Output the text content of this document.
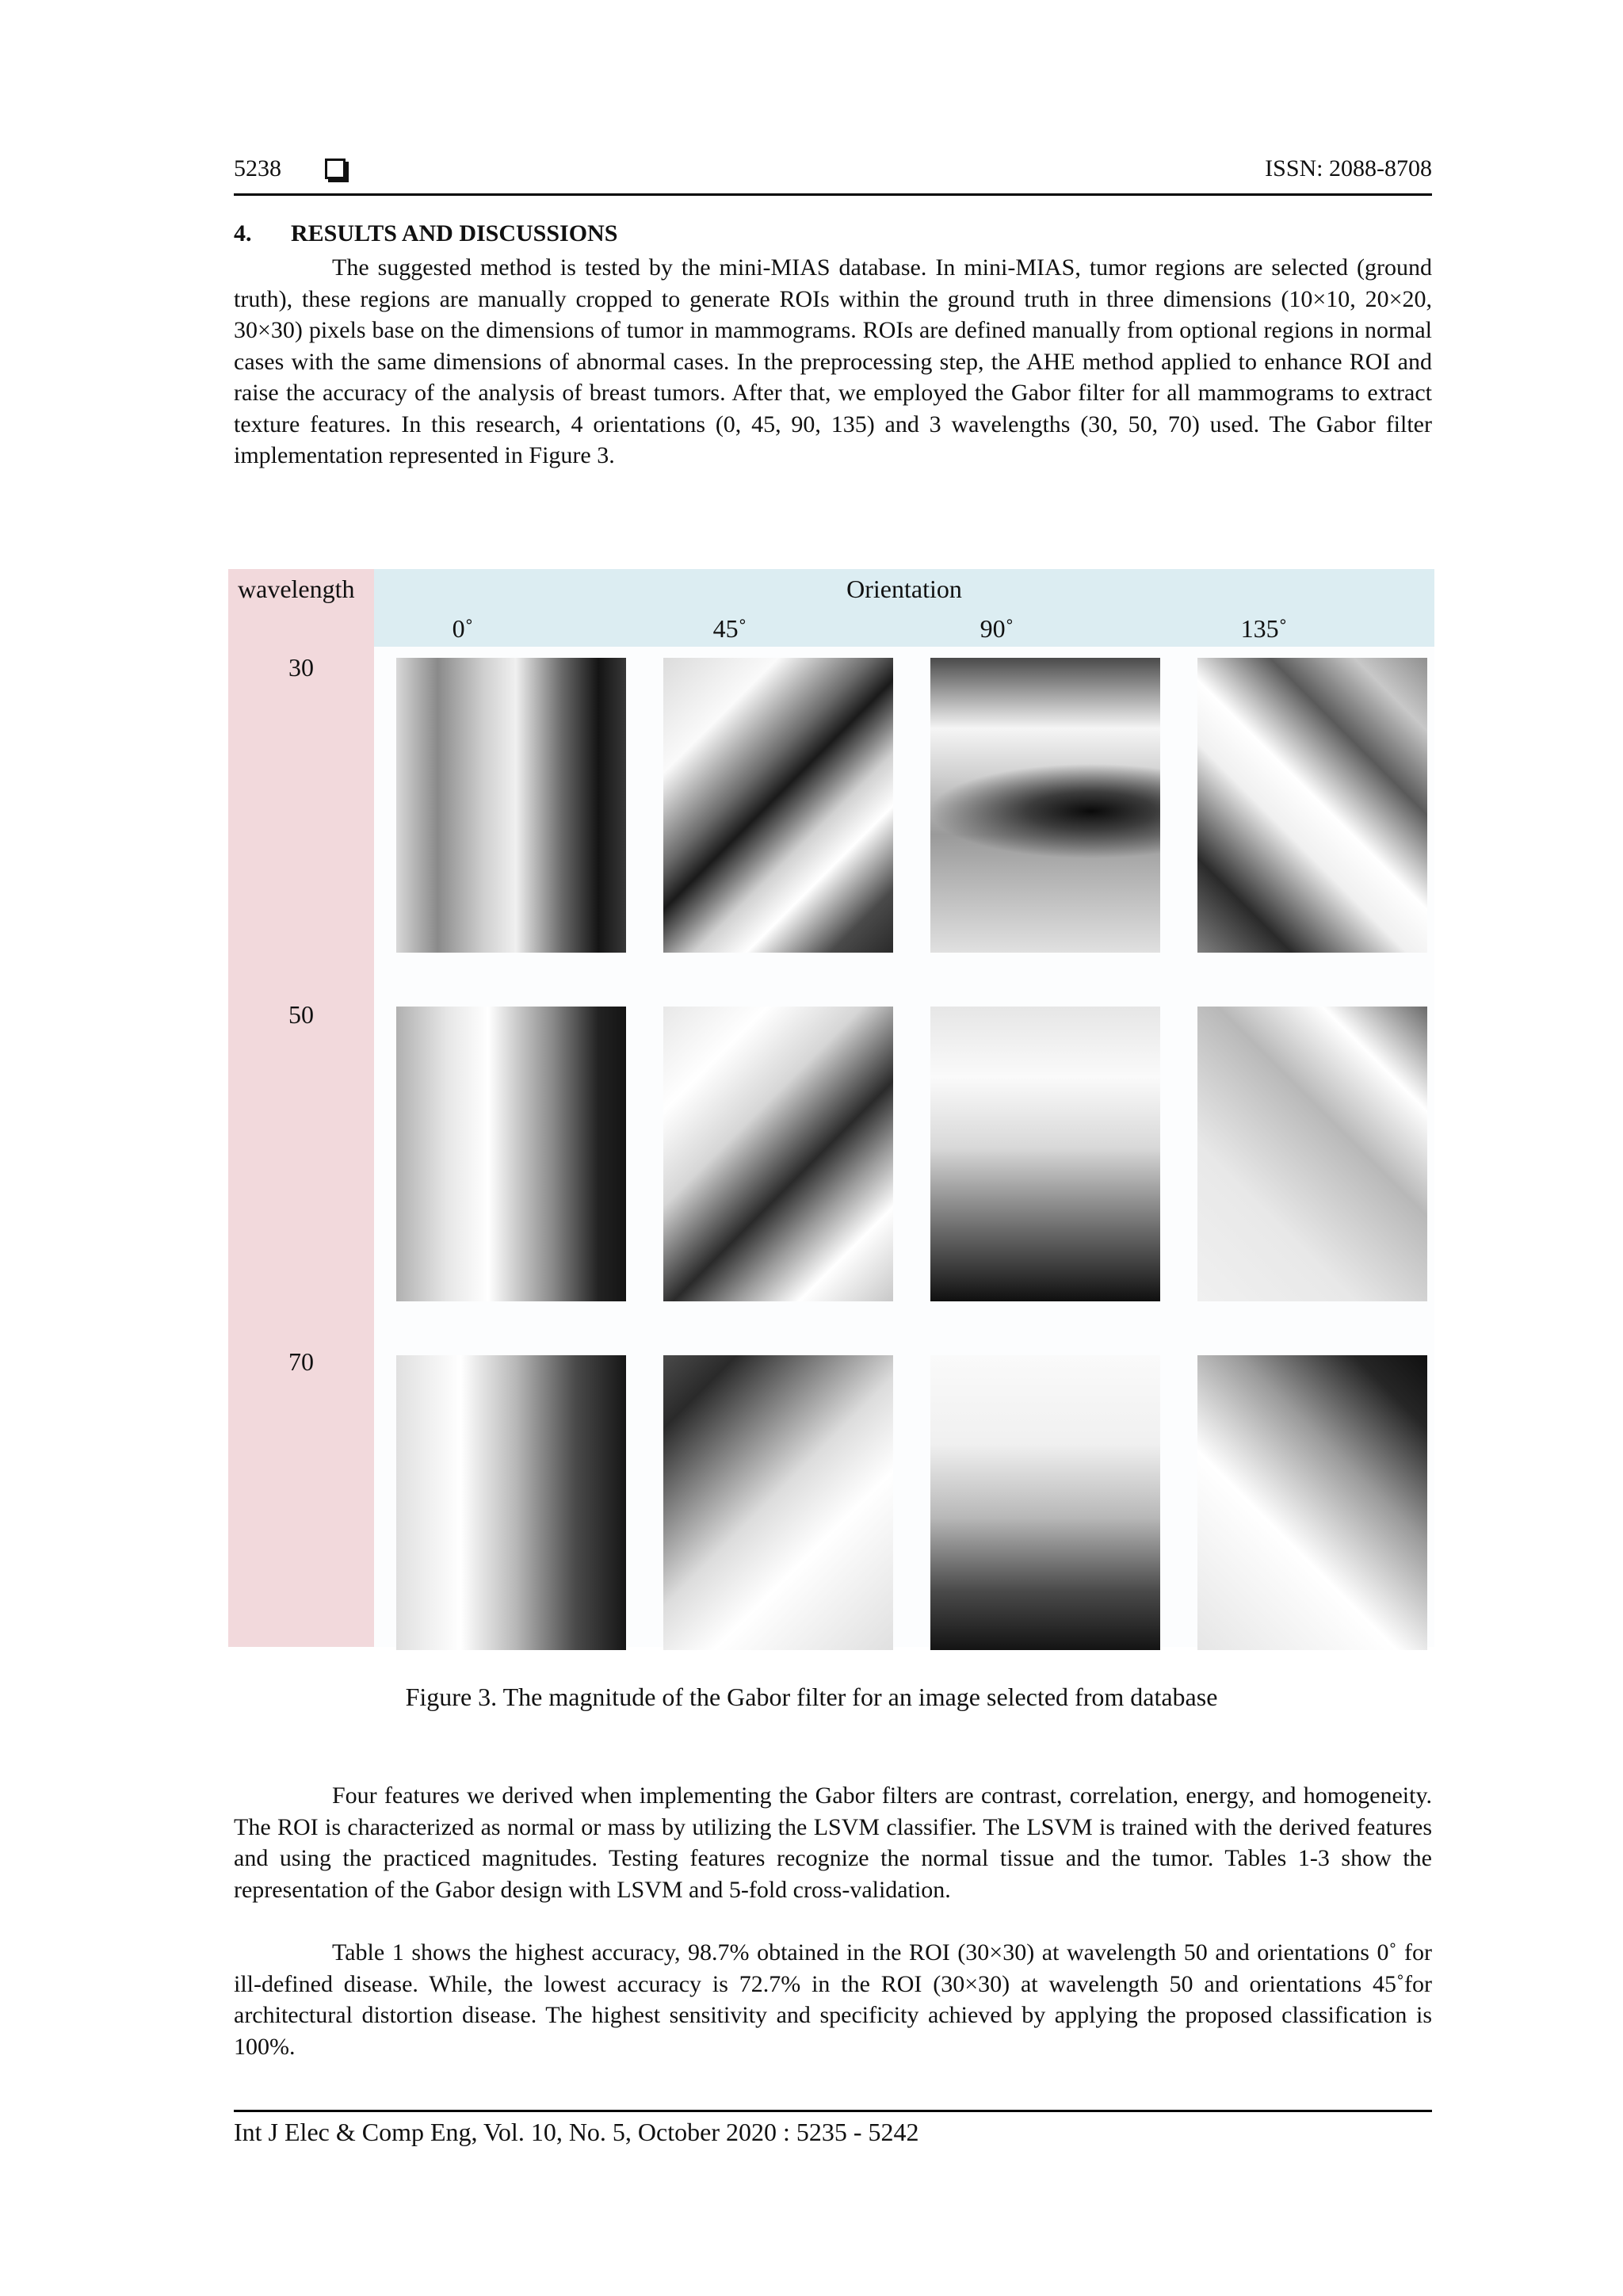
5238	ISSN: 2088-8708
4. RESULTS AND DISCUSSIONS

The suggested method is tested by the mini-MIAS database. In mini-MIAS, tumor regions are selected (ground truth), these regions are manually cropped to generate ROIs within the ground truth in three dimensions (10×10, 20×20, 30×30) pixels base on the dimensions of tumor in mammograms. ROIs are defined manually from optional regions in normal cases with the same dimensions of abnormal cases. In the preprocessing step, the AHE method applied to enhance ROI and raise the accuracy of the analysis of breast tumors. After that, we employed the Gabor filter for all mammograms to extract texture features. In this research, 4 orientations (0, 45, 90, 135) and 3 wavelengths (30, 50, 70) used. The Gabor filter implementation represented in Figure 3.

wavelength
30
50
70
Orientation
0˚	45˚	90˚	135˚
Figure 3. The magnitude of the Gabor filter for an image selected from database

Four features we derived when implementing the Gabor filters are contrast, correlation, energy, and homogeneity. The ROI is characterized as normal or mass by utilizing the LSVM classifier. The LSVM is trained with the derived features and using the practiced magnitudes. Testing features recognize the normal tissue and the tumor. Tables 1-3 show the representation of the Gabor design with LSVM and 5-fold cross-validation.

Table 1 shows the highest accuracy, 98.7% obtained in the ROI (30×30) at wavelength 50 and orientations 0˚ for ill-defined disease. While, the lowest accuracy is 72.7% in the ROI (30×30) at wavelength 50 and orientations 45˚for architectural distortion disease. The highest sensitivity and specificity achieved by applying the proposed classification is 100%.

Int J Elec & Comp Eng, Vol. 10, No. 5, October 2020 : 5235 - 5242
